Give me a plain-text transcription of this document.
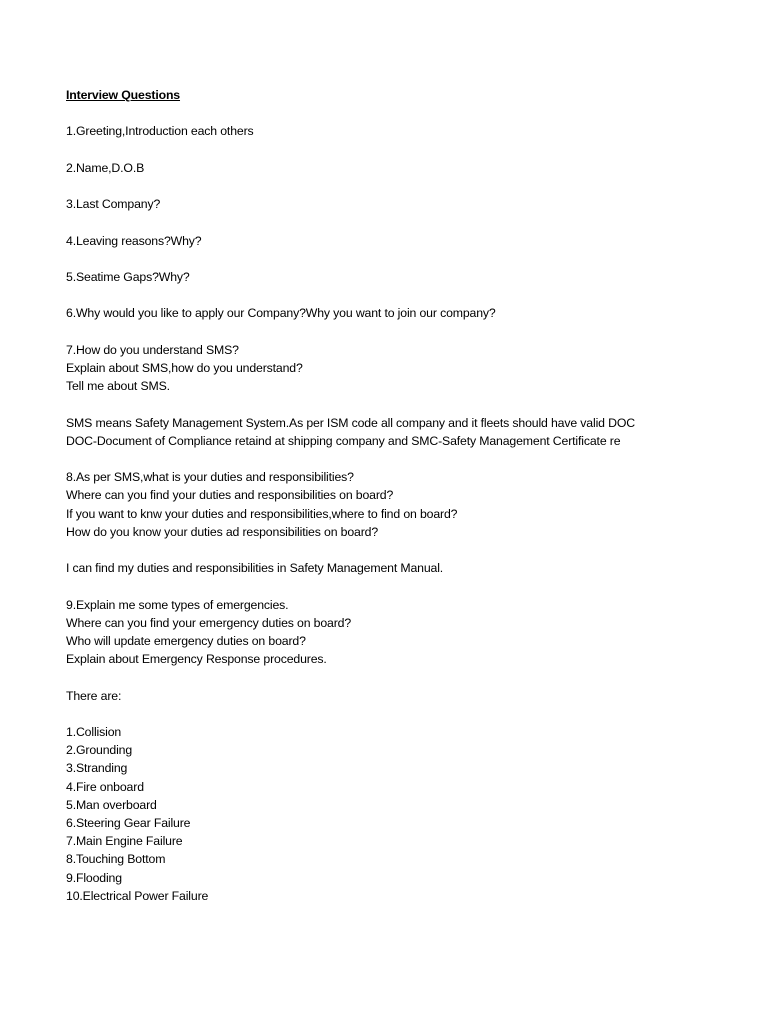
Interview Questions
1.Greeting,Introduction each others
2.Name,D.O.B
3.Last Company?
4.Leaving reasons?Why?
5.Seatime Gaps?Why?
6.Why would you like to apply our Company?Why you want to join our company?
7.How do you understand SMS?
Explain about SMS,how do you understand?
Tell me about SMS.
SMS means Safety Management System.As per ISM code all company and it fleets should have valid DOC
DOC-Document of Compliance retaind at shipping company and SMC-Safety Management Certificate re
8.As per SMS,what is your duties and responsibilities?
Where can you find your duties and responsibilities on board?
If you want to knw your duties and responsibilities,where to find on board?
How do you know your duties ad responsibilities on board?
I can find my duties and responsibilities in Safety Management Manual.
9.Explain me some types of emergencies.
Where can you find your emergency duties on board?
Who will update emergency duties on board?
Explain about Emergency Response procedures.
There are:
1.Collision
2.Grounding
3.Stranding
4.Fire onboard
5.Man overboard
6.Steering Gear Failure
7.Main Engine Failure
8.Touching Bottom
9.Flooding
10.Electrical Power Failure
